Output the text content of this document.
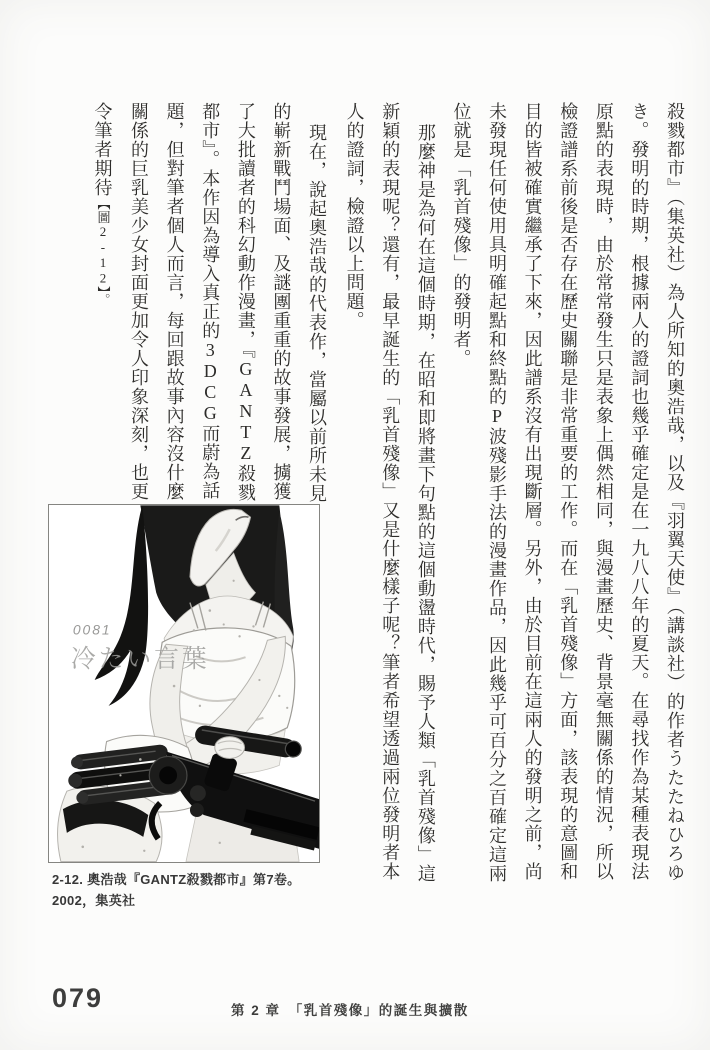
殺戮都市』（集英社）為人所知的奧浩哉，以及『羽翼天使』（講談社）的作者うたたねひろゆき。發明的時期，根據兩人的證詞也幾乎確定是在一九八八年的夏天。在尋找作為某種表現法原點的表現時，由於常常發生只是表象上偶然相同，與漫畫歷史、背景毫無關係的情況，所以檢證譜系前後是否存在歷史關聯是非常重要的工作。而在「乳首殘像」方面，該表現的意圖和目的皆被確實繼承了下來，因此譜系沒有出現斷層。另外，由於目前在這兩人的發明之前，尚未發現任何使用具明確起點和終點的P波殘影手法的漫畫作品，因此幾乎可百分之百確定這兩位就是「乳首殘像」的發明者。

那麼神是為何在這個時期，在昭和即將畫下句點的這個動盪時代，賜予人類「乳首殘像」這新穎的表現呢？還有，最早誕生的「乳首殘像」又是什麼樣子呢？筆者希望透過兩位發明者本人的證詞，檢證以上問題。

現在，說起奧浩哉的代表作，當屬以前所未見的嶄新戰鬥場面、及謎團重重的故事發展，擄獲了大批讀者的科幻動作漫畫，『GANTZ殺戮都市』。本作因為導入真正的3DCG而蔚為話題，但對筆者個人而言，每回跟故事內容沒什麼關係的巨乳美少女封面更加令人印象深刻，也更令筆者期待【圖2-12】。

0081
冷たい言葉
2-12. 奧浩哉『GANTZ殺戮都市』第7卷。
2002，集英社
079	第 2 章　「乳首殘像」的誕生與擴散
